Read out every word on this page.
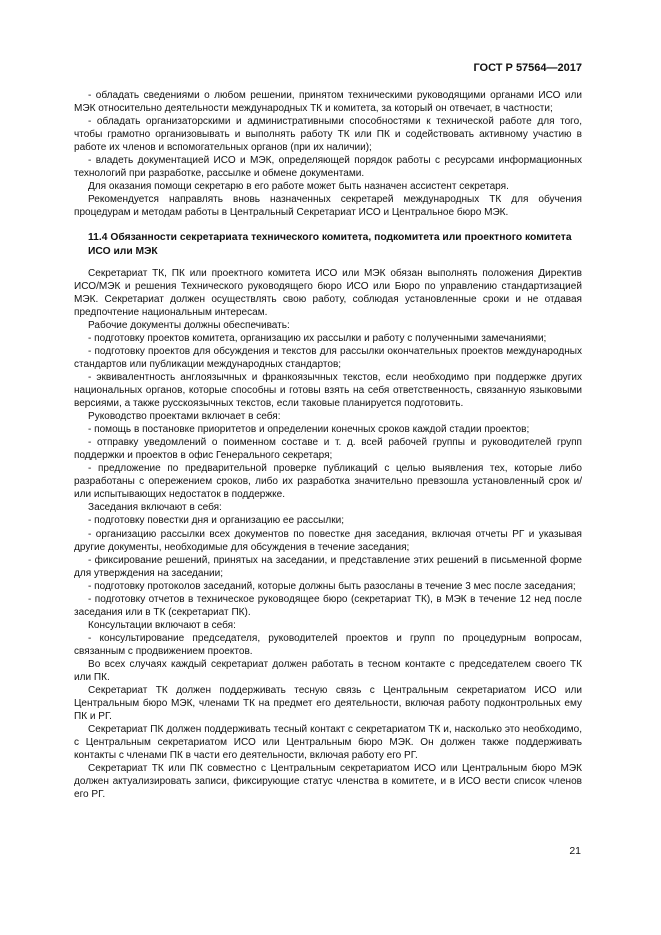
ГОСТ Р 57564—2017

- обладать сведениями о любом решении, принятом техническими руководящими органами ИСО или МЭК относительно деятельности международных ТК и комитета, за который он отвечает, в частности;

- обладать организаторскими и административными способностями к технической работе для того, чтобы грамотно организовывать и выполнять работу ТК или ПК и содействовать активному участию в работе их членов и вспомогательных органов (при их наличии);

- владеть документацией ИСО и МЭК, определяющей порядок работы с ресурсами информационных технологий при разработке, рассылке и обмене документами.

Для оказания помощи секретарю в его работе может быть назначен ассистент секретаря.

Рекомендуется направлять вновь назначенных секретарей международных ТК для обучения процедурам и методам работы в Центральный Секретариат ИСО и Центральное бюро МЭК.

11.4 Обязанности секретариата технического комитета, подкомитета или проектного комитета ИСО или МЭК

Секретариат ТК, ПК или проектного комитета ИСО или МЭК обязан выполнять положения Директив ИСО/МЭК и решения Технического руководящего бюро ИСО или Бюро по управлению стандартизацией МЭК. Секретариат должен осуществлять свою работу, соблюдая установленные сроки и не отдавая предпочтение национальным интересам.

Рабочие документы должны обеспечивать:

- подготовку проектов комитета, организацию их рассылки и работу с полученными замечаниями;

- подготовку проектов для обсуждения и текстов для рассылки окончательных проектов международных стандартов или публикации международных стандартов;

- эквивалентность англоязычных и франкоязычных текстов, если необходимо при поддержке других национальных органов, которые способны и готовы взять на себя ответственность, связанную языковыми версиями, а также русскоязычных текстов, если таковые планируется подготовить.

Руководство проектами включает в себя:

- помощь в постановке приоритетов и определении конечных сроков каждой стадии проектов;

- отправку уведомлений о поименном составе и т. д. всей рабочей группы и руководителей групп поддержки и проектов в офис Генерального секретаря;

- предложение по предварительной проверке публикаций с целью выявления тех, которые либо разработаны с опережением сроков, либо их разработка значительно превзошла установленный срок и/или испытывающих недостаток в поддержке.

Заседания включают в себя:

- подготовку повестки дня и организацию ее рассылки;

- организацию рассылки всех документов по повестке дня заседания, включая отчеты РГ и указывая другие документы, необходимые для обсуждения в течение заседания;

- фиксирование решений, принятых на заседании, и представление этих решений в письменной форме для утверждения на заседании;

- подготовку протоколов заседаний, которые должны быть разосланы в течение 3 мес после заседания;

- подготовку отчетов в техническое руководящее бюро (секретариат ТК), в МЭК в течение 12 нед после заседания или в ТК (секретариат ПК).

Консультации включают в себя:

- консультирование председателя, руководителей проектов и групп по процедурным вопросам, связанным с продвижением проектов.

Во всех случаях каждый секретариат должен работать в тесном контакте с председателем своего ТК или ПК.

Секретариат ТК должен поддерживать тесную связь с Центральным секретариатом ИСО или Центральным бюро МЭК, членами ТК на предмет его деятельности, включая работу подконтрольных ему ПК и РГ.

Секретариат ПК должен поддерживать тесный контакт с секретариатом ТК и, насколько это необходимо, с Центральным секретариатом ИСО или Центральным бюро МЭК. Он должен также поддерживать контакты с членами ПК в части его деятельности, включая работу его РГ.

Секретариат ТК или ПК совместно с Центральным секретариатом ИСО или Центральным бюро МЭК должен актуализировать записи, фиксирующие статус членства в комитете, и в ИСО вести список членов его РГ.

21
